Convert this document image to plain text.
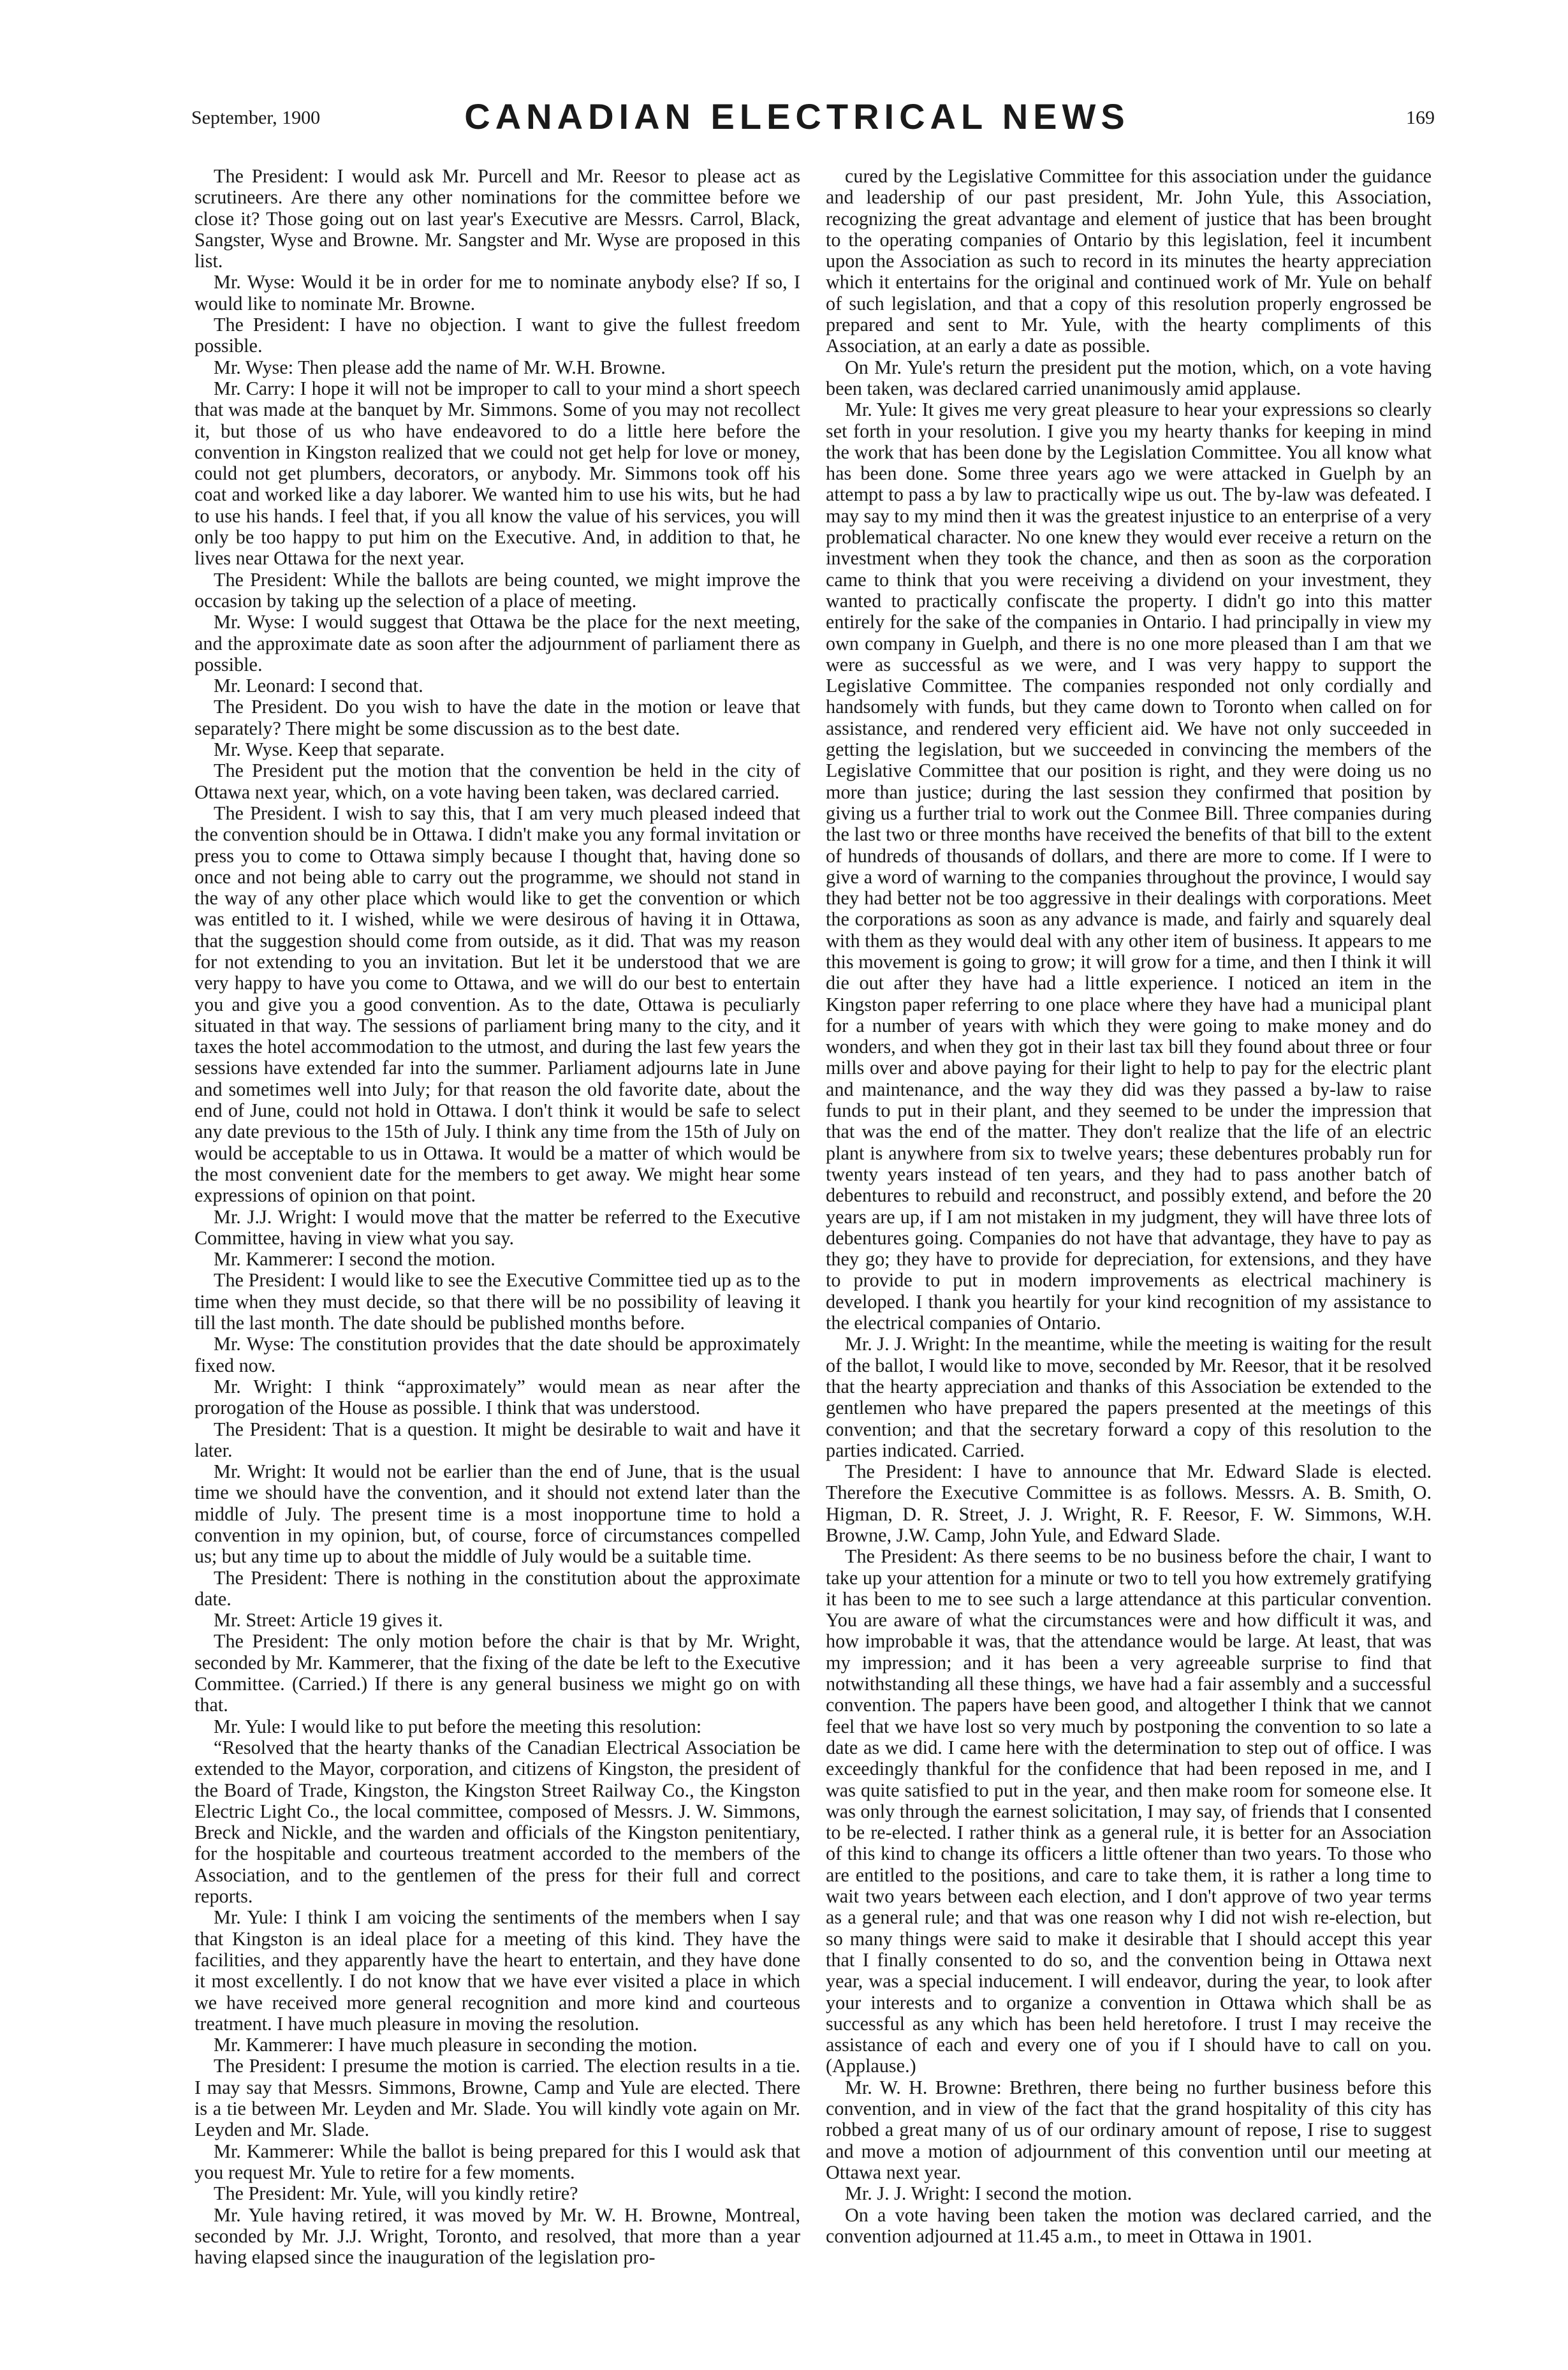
September, 1900	CANADIAN ELECTRICAL NEWS	169

The President: I would ask Mr. Purcell and Mr. Reesor to please act as scrutineers. Are there any other nominations for the committee before we close it? Those going out on last year's Executive are Messrs. Carrol, Black, Sangster, Wyse and Browne. Mr. Sangster and Mr. Wyse are proposed in this list.

Mr. Wyse: Would it be in order for me to nominate anybody else? If so, I would like to nominate Mr. Browne.

The President: I have no objection. I want to give the fullest freedom possible.

Mr. Wyse: Then please add the name of Mr. W.H. Browne.

Mr. Carry: I hope it will not be improper to call to your mind a short speech that was made at the banquet by Mr. Simmons. Some of you may not recollect it, but those of us who have endeavored to do a little here before the convention in Kingston realized that we could not get help for love or money, could not get plumbers, decorators, or anybody. Mr. Simmons took off his coat and worked like a day laborer. We wanted him to use his wits, but he had to use his hands. I feel that, if you all know the value of his services, you will only be too happy to put him on the Executive. And, in addition to that, he lives near Ottawa for the next year.

The President: While the ballots are being counted, we might improve the occasion by taking up the selection of a place of meeting.

Mr. Wyse: I would suggest that Ottawa be the place for the next meeting, and the approximate date as soon after the adjournment of parliament there as possible.

Mr. Leonard: I second that.

The President. Do you wish to have the date in the motion or leave that separately? There might be some discussion as to the best date.

Mr. Wyse. Keep that separate.

The President put the motion that the convention be held in the city of Ottawa next year, which, on a vote having been taken, was declared carried.

The President. I wish to say this, that I am very much pleased indeed that the convention should be in Ottawa. I didn't make you any formal invitation or press you to come to Ottawa simply because I thought that, having done so once and not being able to carry out the programme, we should not stand in the way of any other place which would like to get the convention or which was entitled to it. I wished, while we were desirous of having it in Ottawa, that the suggestion should come from outside, as it did. That was my reason for not extending to you an invitation. But let it be understood that we are very happy to have you come to Ottawa, and we will do our best to entertain you and give you a good convention. As to the date, Ottawa is peculiarly situated in that way. The sessions of parliament bring many to the city, and it taxes the hotel accommodation to the utmost, and during the last few years the sessions have extended far into the summer. Parliament adjourns late in June and sometimes well into July; for that reason the old favorite date, about the end of June, could not hold in Ottawa. I don't think it would be safe to select any date previous to the 15th of July. I think any time from the 15th of July on would be acceptable to us in Ottawa. It would be a matter of which would be the most convenient date for the members to get away. We might hear some expressions of opinion on that point.

Mr. J.J. Wright: I would move that the matter be referred to the Executive Committee, having in view what you say.

Mr. Kammerer: I second the motion.

The President: I would like to see the Executive Committee tied up as to the time when they must decide, so that there will be no possibility of leaving it till the last month. The date should be published months before.

Mr. Wyse: The constitution provides that the date should be approximately fixed now.

Mr. Wright: I think “approximately” would mean as near after the prorogation of the House as possible. I think that was understood.

The President: That is a question. It might be desirable to wait and have it later.

Mr. Wright: It would not be earlier than the end of June, that is the usual time we should have the convention, and it should not extend later than the middle of July. The present time is a most inopportune time to hold a convention in my opinion, but, of course, force of circumstances compelled us; but any time up to about the middle of July would be a suitable time.

The President: There is nothing in the constitution about the approximate date.

Mr. Street: Article 19 gives it.

The President: The only motion before the chair is that by Mr. Wright, seconded by Mr. Kammerer, that the fixing of the date be left to the Executive Committee. (Carried.) If there is any general business we might go on with that.

Mr. Yule: I would like to put before the meeting this resolution:

“Resolved that the hearty thanks of the Canadian Electrical Association be extended to the Mayor, corporation, and citizens of Kingston, the president of the Board of Trade, Kingston, the Kingston Street Railway Co., the Kingston Electric Light Co., the local committee, composed of Messrs. J. W. Simmons, Breck and Nickle, and the warden and officials of the Kingston penitentiary, for the hospitable and courteous treatment accorded to the members of the Association, and to the gentlemen of the press for their full and correct reports.

Mr. Yule: I think I am voicing the sentiments of the members when I say that Kingston is an ideal place for a meeting of this kind. They have the facilities, and they apparently have the heart to entertain, and they have done it most excellently. I do not know that we have ever visited a place in which we have received more general recognition and more kind and courteous treatment. I have much pleasure in moving the resolution.

Mr. Kammerer: I have much pleasure in seconding the motion.

The President: I presume the motion is carried. The election results in a tie. I may say that Messrs. Simmons, Browne, Camp and Yule are elected. There is a tie between Mr. Leyden and Mr. Slade. You will kindly vote again on Mr. Leyden and Mr. Slade.

Mr. Kammerer: While the ballot is being prepared for this I would ask that you request Mr. Yule to retire for a few moments.

The President: Mr. Yule, will you kindly retire?

Mr. Yule having retired, it was moved by Mr. W. H. Browne, Montreal, seconded by Mr. J.J. Wright, Toronto, and resolved, that more than a year having elapsed since the inauguration of the legislation pro-

cured by the Legislative Committee for this association under the guidance and leadership of our past president, Mr. John Yule, this Association, recognizing the great advantage and element of justice that has been brought to the operating companies of Ontario by this legislation, feel it incumbent upon the Association as such to record in its minutes the hearty appreciation which it entertains for the original and continued work of Mr. Yule on behalf of such legislation, and that a copy of this resolution properly engrossed be prepared and sent to Mr. Yule, with the hearty compliments of this Association, at an early a date as possible.

On Mr. Yule's return the president put the motion, which, on a vote having been taken, was declared carried unanimously amid applause.

Mr. Yule: It gives me very great pleasure to hear your expressions so clearly set forth in your resolution. I give you my hearty thanks for keeping in mind the work that has been done by the Legislation Committee. You all know what has been done. Some three years ago we were attacked in Guelph by an attempt to pass a by law to practically wipe us out. The by-law was defeated. I may say to my mind then it was the greatest injustice to an enterprise of a very problematical character. No one knew they would ever receive a return on the investment when they took the chance, and then as soon as the corporation came to think that you were receiving a dividend on your investment, they wanted to practically confiscate the property. I didn't go into this matter entirely for the sake of the companies in Ontario. I had principally in view my own company in Guelph, and there is no one more pleased than I am that we were as successful as we were, and I was very happy to support the Legislative Committee. The companies responded not only cordially and handsomely with funds, but they came down to Toronto when called on for assistance, and rendered very efficient aid. We have not only succeeded in getting the legislation, but we succeeded in convincing the members of the Legislative Committee that our position is right, and they were doing us no more than justice; during the last session they confirmed that position by giving us a further trial to work out the Conmee Bill. Three companies during the last two or three months have received the benefits of that bill to the extent of hundreds of thousands of dollars, and there are more to come. If I were to give a word of warning to the companies throughout the province, I would say they had better not be too aggressive in their dealings with corporations. Meet the corporations as soon as any advance is made, and fairly and squarely deal with them as they would deal with any other item of business. It appears to me this movement is going to grow; it will grow for a time, and then I think it will die out after they have had a little experience. I noticed an item in the Kingston paper referring to one place where they have had a municipal plant for a number of years with which they were going to make money and do wonders, and when they got in their last tax bill they found about three or four mills over and above paying for their light to help to pay for the electric plant and maintenance, and the way they did was they passed a by-law to raise funds to put in their plant, and they seemed to be under the impression that that was the end of the matter. They don't realize that the life of an electric plant is anywhere from six to twelve years; these debentures probably run for twenty years instead of ten years, and they had to pass another batch of debentures to rebuild and reconstruct, and possibly extend, and before the 20 years are up, if I am not mistaken in my judgment, they will have three lots of debentures going. Companies do not have that advantage, they have to pay as they go; they have to provide for depreciation, for extensions, and they have to provide to put in modern improvements as electrical machinery is developed. I thank you heartily for your kind recognition of my assistance to the electrical companies of Ontario.

Mr. J. J. Wright: In the meantime, while the meeting is waiting for the result of the ballot, I would like to move, seconded by Mr. Reesor, that it be resolved that the hearty appreciation and thanks of this Association be extended to the gentlemen who have prepared the papers presented at the meetings of this convention; and that the secretary forward a copy of this resolution to the parties indicated. Carried.

The President: I have to announce that Mr. Edward Slade is elected. Therefore the Executive Committee is as follows. Messrs. A. B. Smith, O. Higman, D. R. Street, J. J. Wright, R. F. Reesor, F. W. Simmons, W.H. Browne, J.W. Camp, John Yule, and Edward Slade.

The President: As there seems to be no business before the chair, I want to take up your attention for a minute or two to tell you how extremely gratifying it has been to me to see such a large attendance at this particular convention. You are aware of what the circumstances were and how difficult it was, and how improbable it was, that the attendance would be large. At least, that was my impression; and it has been a very agreeable surprise to find that notwithstanding all these things, we have had a fair assembly and a successful convention. The papers have been good, and altogether I think that we cannot feel that we have lost so very much by postponing the convention to so late a date as we did. I came here with the determination to step out of office. I was exceedingly thankful for the confidence that had been reposed in me, and I was quite satisfied to put in the year, and then make room for someone else. It was only through the earnest solicitation, I may say, of friends that I consented to be re-elected. I rather think as a general rule, it is better for an Association of this kind to change its officers a little oftener than two years. To those who are entitled to the positions, and care to take them, it is rather a long time to wait two years between each election, and I don't approve of two year terms as a general rule; and that was one reason why I did not wish re-election, but so many things were said to make it desirable that I should accept this year that I finally consented to do so, and the convention being in Ottawa next year, was a special inducement. I will endeavor, during the year, to look after your interests and to organize a convention in Ottawa which shall be as successful as any which has been held heretofore. I trust I may receive the assistance of each and every one of you if I should have to call on you. (Applause.)

Mr. W. H. Browne: Brethren, there being no further business before this convention, and in view of the fact that the grand hospitality of this city has robbed a great many of us of our ordinary amount of repose, I rise to suggest and move a motion of adjournment of this convention until our meeting at Ottawa next year.

Mr. J. J. Wright: I second the motion.

On a vote having been taken the motion was declared carried, and the convention adjourned at 11.45 a.m., to meet in Ottawa in 1901.
